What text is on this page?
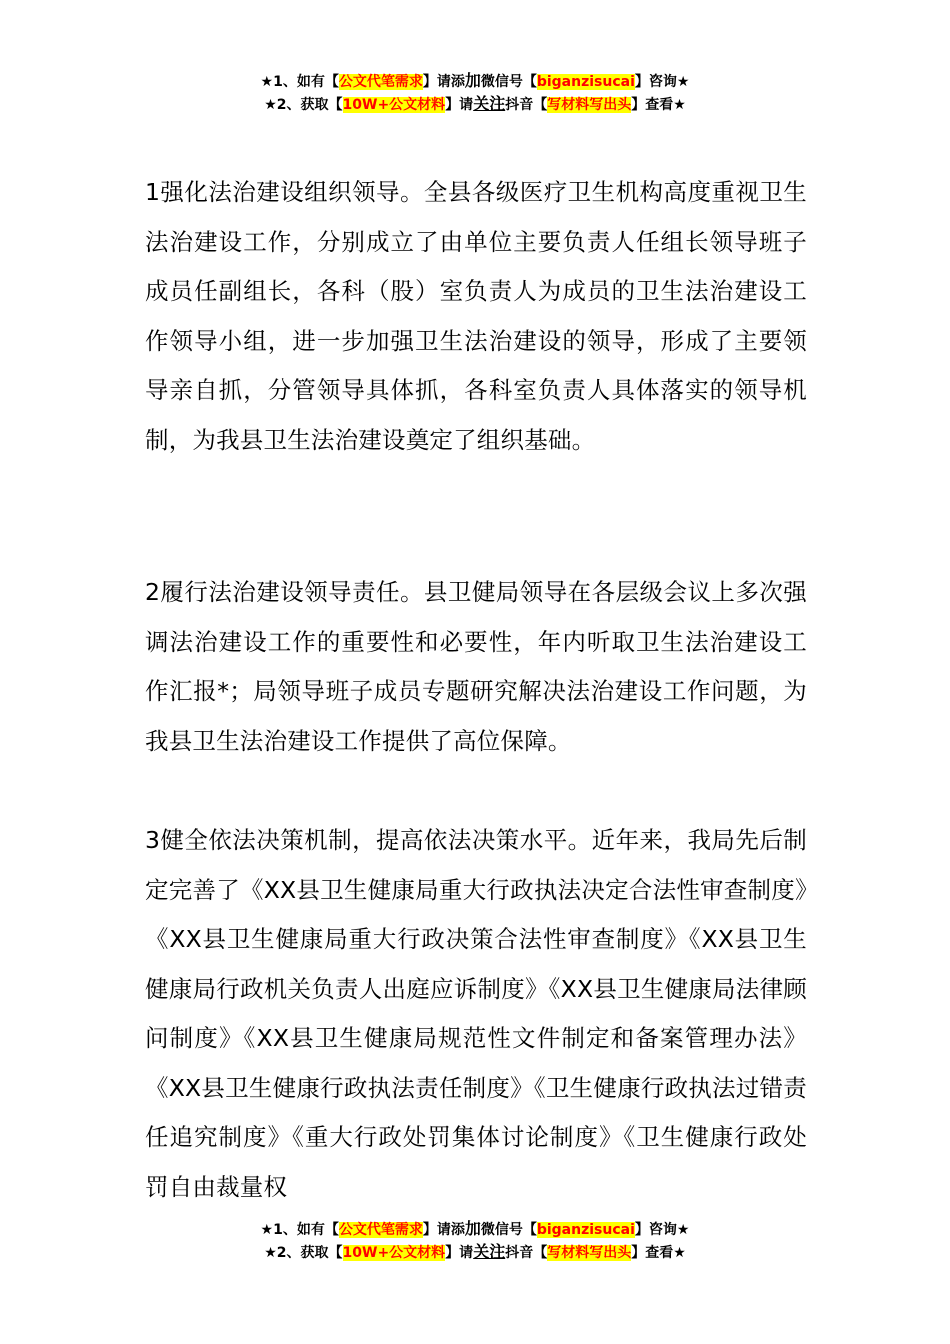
★1、如有【公文代笔需求】请添加微信号【biganzisucai】咨询★
★2、获取【10W+公文材料】请关注抖音【写材料写出头】查看★

1强化法治建设组织领导。全县各级医疗卫生机构高度重视卫生法治建设工作，分别成立了由单位主要负责人任组长领导班子成员任副组长，各科（股）室负责人为成员的卫生法治建设工作领导小组，进一步加强卫生法治建设的领导，形成了主要领导亲自抓，分管领导具体抓，各科室负责人具体落实的领导机制，为我县卫生法治建设奠定了组织基础。

2履行法治建设领导责任。县卫健局领导在各层级会议上多次强调法治建设工作的重要性和必要性，年内听取卫生法治建设工作汇报*；局领导班子成员专题研究解决法治建设工作问题，为我县卫生法治建设工作提供了高位保障。

3健全依法决策机制，提高依法决策水平。近年来，我局先后制定完善了《XX县卫生健康局重大行政执法决定合法性审查制度》《XX县卫生健康局重大行政决策合法性审查制度》《XX县卫生健康局行政机关负责人出庭应诉制度》《XX县卫生健康局法律顾问制度》《XX县卫生健康局规范性文件制定和备案管理办法》《XX县卫生健康行政执法责任制度》《卫生健康行政执法过错责任追究制度》《重大行政处罚集体讨论制度》《卫生健康行政处罚自由裁量权

★1、如有【公文代笔需求】请添加微信号【biganzisucai】咨询★
★2、获取【10W+公文材料】请关注抖音【写材料写出头】查看★
